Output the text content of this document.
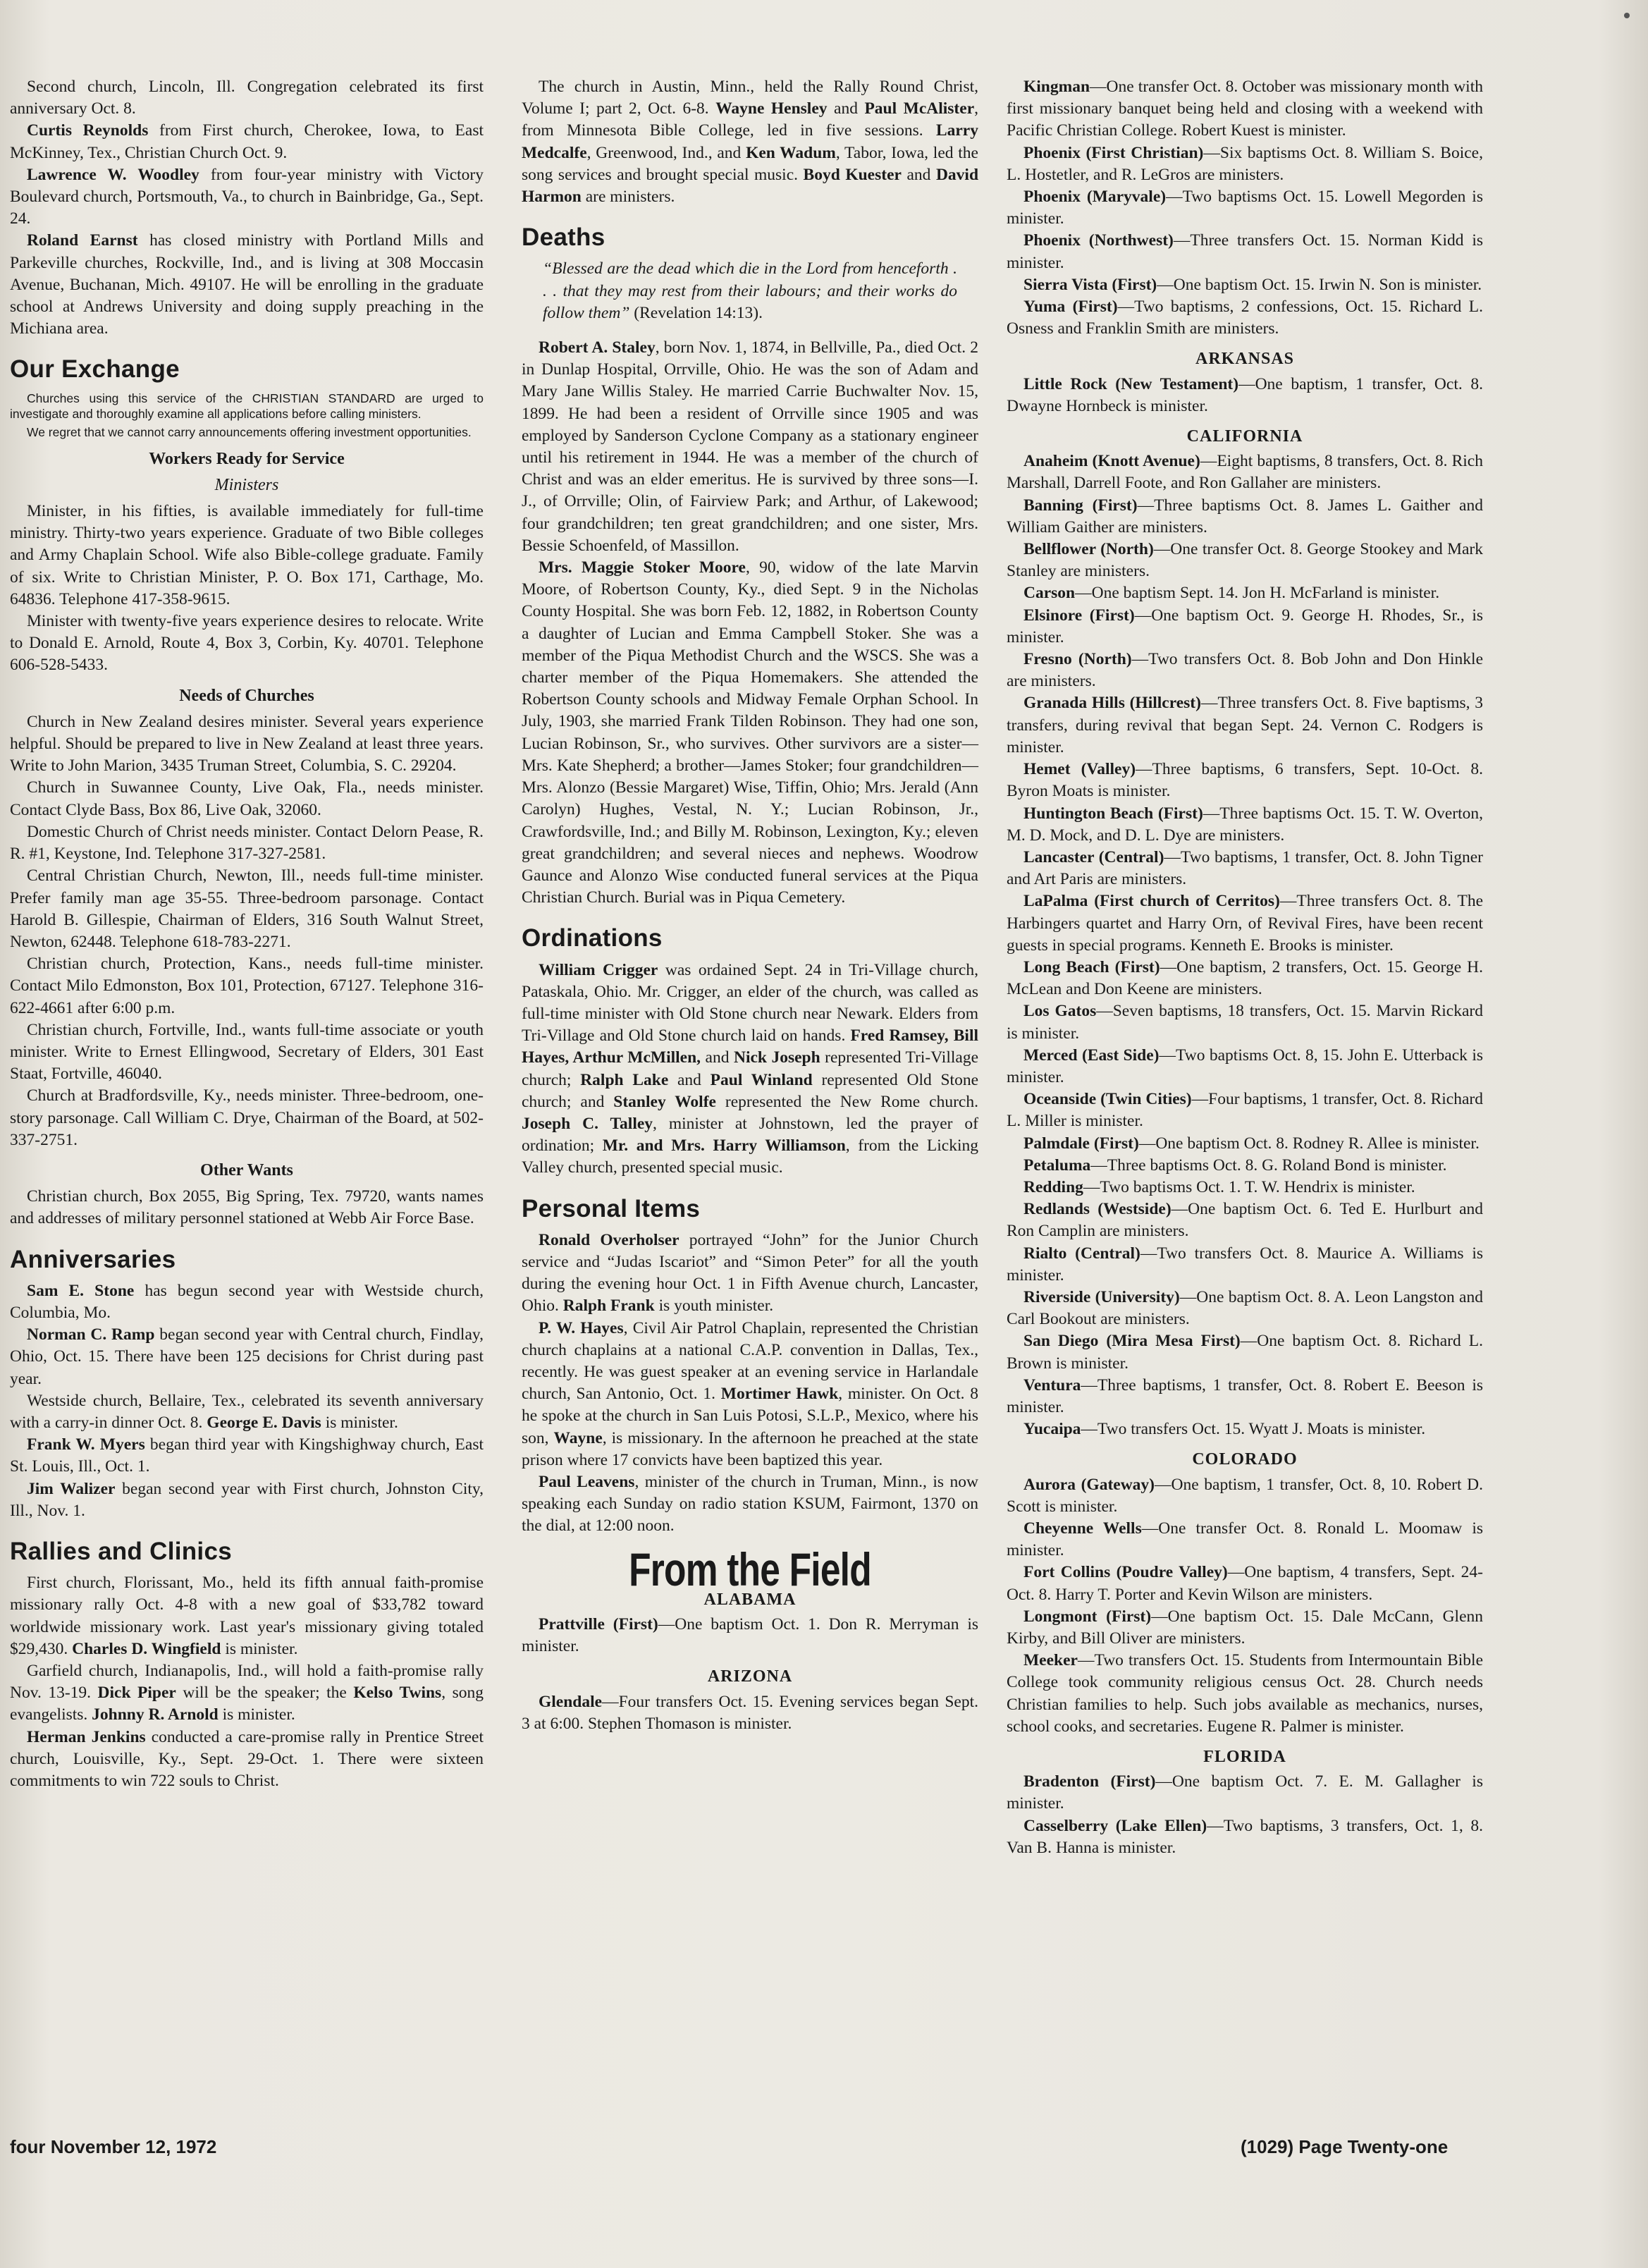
Second church, Lincoln, Ill. Congregation celebrated its first anniversary Oct. 8.

Curtis Reynolds from First church, Cherokee, Iowa, to East McKinney, Tex., Christian Church Oct. 9.

Lawrence W. Woodley from four-year ministry with Victory Boulevard church, Portsmouth, Va., to church in Bainbridge, Ga., Sept. 24.

Roland Earnst has closed ministry with Portland Mills and Parkeville churches, Rockville, Ind., and is living at 308 Moccasin Avenue, Buchanan, Mich. 49107. He will be enrolling in the graduate school at Andrews University and doing supply preaching in the Michiana area.

Our Exchange

Churches using this service of the CHRISTIAN STANDARD are urged to investigate and thoroughly examine all applications before calling ministers.

We regret that we cannot carry announcements offering investment opportunities.

Workers Ready for Service
Ministers

Minister, in his fifties, is available immediately for full-time ministry. Thirty-two years experience. Graduate of two Bible colleges and Army Chaplain School. Wife also Bible-college graduate. Family of six. Write to Christian Minister, P. O. Box 171, Carthage, Mo. 64836. Telephone 417-358-9615.

Minister with twenty-five years experience desires to relocate. Write to Donald E. Arnold, Route 4, Box 3, Corbin, Ky. 40701. Telephone 606-528-5433.

Needs of Churches

Church in New Zealand desires minister. Several years experience helpful. Should be prepared to live in New Zealand at least three years. Write to John Marion, 3435 Truman Street, Columbia, S. C. 29204.

Church in Suwannee County, Live Oak, Fla., needs minister. Contact Clyde Bass, Box 86, Live Oak, 32060.

Domestic Church of Christ needs minister. Contact Delorn Pease, R. R. #1, Keystone, Ind. Telephone 317-327-2581.

Central Christian Church, Newton, Ill., needs full-time minister. Prefer family man age 35-55. Three-bedroom parsonage. Contact Harold B. Gillespie, Chairman of Elders, 316 South Walnut Street, Newton, 62448. Telephone 618-783-2271.

Christian church, Protection, Kans., needs full-time minister. Contact Milo Edmonston, Box 101, Protection, 67127. Telephone 316-622-4661 after 6:00 p.m.

Christian church, Fortville, Ind., wants full-time associate or youth minister. Write to Ernest Ellingwood, Secretary of Elders, 301 East Staat, Fortville, 46040.

Church at Bradfordsville, Ky., needs minister. Three-bedroom, one-story parsonage. Call William C. Drye, Chairman of the Board, at 502-337-2751.

Other Wants

Christian church, Box 2055, Big Spring, Tex. 79720, wants names and addresses of military personnel stationed at Webb Air Force Base.

Anniversaries

Sam E. Stone has begun second year with Westside church, Columbia, Mo.

Norman C. Ramp began second year with Central church, Findlay, Ohio, Oct. 15. There have been 125 decisions for Christ during past year.

Westside church, Bellaire, Tex., celebrated its seventh anniversary with a carry-in dinner Oct. 8. George E. Davis is minister.

Frank W. Myers began third year with Kingshighway church, East St. Louis, Ill., Oct. 1.

Jim Walizer began second year with First church, Johnston City, Ill., Nov. 1.

Rallies and Clinics

First church, Florissant, Mo., held its fifth annual faith-promise missionary rally Oct. 4-8 with a new goal of $33,782 toward worldwide missionary work. Last year's missionary giving totaled $29,430. Charles D. Wingfield is minister.

Garfield church, Indianapolis, Ind., will hold a faith-promise rally Nov. 13-19. Dick Piper will be the speaker; the Kelso Twins, song evangelists. Johnny R. Arnold is minister.

Herman Jenkins conducted a care-promise rally in Prentice Street church, Louisville, Ky., Sept. 29-Oct. 1. There were sixteen commitments to win 722 souls to Christ.

The church in Austin, Minn., held the Rally Round Christ, Volume I; part 2, Oct. 6-8. Wayne Hensley and Paul McAlister, from Minnesota Bible College, led in five sessions. Larry Medcalfe, Greenwood, Ind., and Ken Wadum, Tabor, Iowa, led the song services and brought special music. Boyd Kuester and David Harmon are ministers.

Deaths

“Blessed are the dead which die in the Lord from henceforth . . . that they may rest from their labours; and their works do follow them” (Revelation 14:13).

Robert A. Staley, born Nov. 1, 1874, in Bellville, Pa., died Oct. 2 in Dunlap Hospital, Orrville, Ohio. He was the son of Adam and Mary Jane Willis Staley. He married Carrie Buchwalter Nov. 15, 1899. He had been a resident of Orrville since 1905 and was employed by Sanderson Cyclone Company as a stationary engineer until his retirement in 1944. He was a member of the church of Christ and was an elder emeritus. He is survived by three sons—I. J., of Orrville; Olin, of Fairview Park; and Arthur, of Lakewood; four grandchildren; ten great grandchildren; and one sister, Mrs. Bessie Schoenfeld, of Massillon.

Mrs. Maggie Stoker Moore, 90, widow of the late Marvin Moore, of Robertson County, Ky., died Sept. 9 in the Nicholas County Hospital. She was born Feb. 12, 1882, in Robertson County a daughter of Lucian and Emma Campbell Stoker. She was a member of the Piqua Methodist Church and the WSCS. She was a charter member of the Piqua Homemakers. She attended the Robertson County schools and Midway Female Orphan School. In July, 1903, she married Frank Tilden Robinson. They had one son, Lucian Robinson, Sr., who survives. Other survivors are a sister—Mrs. Kate Shepherd; a brother—James Stoker; four grandchildren—Mrs. Alonzo (Bessie Margaret) Wise, Tiffin, Ohio; Mrs. Jerald (Ann Carolyn) Hughes, Vestal, N. Y.; Lucian Robinson, Jr., Crawfordsville, Ind.; and Billy M. Robinson, Lexington, Ky.; eleven great grandchildren; and several nieces and nephews. Woodrow Gaunce and Alonzo Wise conducted funeral services at the Piqua Christian Church. Burial was in Piqua Cemetery.

Ordinations

William Crigger was ordained Sept. 24 in Tri-Village church, Pataskala, Ohio. Mr. Crigger, an elder of the church, was called as full-time minister with Old Stone church near Newark. Elders from Tri-Village and Old Stone church laid on hands. Fred Ramsey, Bill Hayes, Arthur McMillen, and Nick Joseph represented Tri-Village church; Ralph Lake and Paul Winland represented Old Stone church; and Stanley Wolfe represented the New Rome church. Joseph C. Talley, minister at Johnstown, led the prayer of ordination; Mr. and Mrs. Harry Williamson, from the Licking Valley church, presented special music.

Personal Items

Ronald Overholser portrayed “John” for the Junior Church service and “Judas Iscariot” and “Simon Peter” for all the youth during the evening hour Oct. 1 in Fifth Avenue church, Lancaster, Ohio. Ralph Frank is youth minister.

P. W. Hayes, Civil Air Patrol Chaplain, represented the Christian church chaplains at a national C.A.P. convention in Dallas, Tex., recently. He was guest speaker at an evening service in Harlandale church, San Antonio, Oct. 1. Mortimer Hawk, minister. On Oct. 8 he spoke at the church in San Luis Potosi, S.L.P., Mexico, where his son, Wayne, is missionary. In the afternoon he preached at the state prison where 17 convicts have been baptized this year.

Paul Leavens, minister of the church in Truman, Minn., is now speaking each Sunday on radio station KSUM, Fairmont, 1370 on the dial, at 12:00 noon.

From the Field
ALABAMA

Prattville (First)—One baptism Oct. 1. Don R. Merryman is minister.

ARIZONA

Glendale—Four transfers Oct. 15. Evening services began Sept. 3 at 6:00. Stephen Thomason is minister.

Kingman—One transfer Oct. 8. October was missionary month with first missionary banquet being held and closing with a weekend with Pacific Christian College. Robert Kuest is minister.

Phoenix (First Christian)—Six baptisms Oct. 8. William S. Boice, L. Hostetler, and R. LeGros are ministers.

Phoenix (Maryvale)—Two baptisms Oct. 15. Lowell Megorden is minister.

Phoenix (Northwest)—Three transfers Oct. 15. Norman Kidd is minister.

Sierra Vista (First)—One baptism Oct. 15. Irwin N. Son is minister.

Yuma (First)—Two baptisms, 2 confessions, Oct. 15. Richard L. Osness and Franklin Smith are ministers.

ARKANSAS

Little Rock (New Testament)—One baptism, 1 transfer, Oct. 8. Dwayne Hornbeck is minister.

CALIFORNIA

Anaheim (Knott Avenue)—Eight baptisms, 8 transfers, Oct. 8. Rich Marshall, Darrell Foote, and Ron Gallaher are ministers.

Banning (First)—Three baptisms Oct. 8. James L. Gaither and William Gaither are ministers.

Bellflower (North)—One transfer Oct. 8. George Stookey and Mark Stanley are ministers.

Carson—One baptism Sept. 14. Jon H. McFarland is minister.

Elsinore (First)—One baptism Oct. 9. George H. Rhodes, Sr., is minister.

Fresno (North)—Two transfers Oct. 8. Bob John and Don Hinkle are ministers.

Granada Hills (Hillcrest)—Three transfers Oct. 8. Five baptisms, 3 transfers, during revival that began Sept. 24. Vernon C. Rodgers is minister.

Hemet (Valley)—Three baptisms, 6 transfers, Sept. 10-Oct. 8. Byron Moats is minister.

Huntington Beach (First)—Three baptisms Oct. 15. T. W. Overton, M. D. Mock, and D. L. Dye are ministers.

Lancaster (Central)—Two baptisms, 1 transfer, Oct. 8. John Tigner and Art Paris are ministers.

LaPalma (First church of Cerritos)—Three transfers Oct. 8. The Harbingers quartet and Harry Orn, of Revival Fires, have been recent guests in special programs. Kenneth E. Brooks is minister.

Long Beach (First)—One baptism, 2 transfers, Oct. 15. George H. McLean and Don Keene are ministers.

Los Gatos—Seven baptisms, 18 transfers, Oct. 15. Marvin Rickard is minister.

Merced (East Side)—Two baptisms Oct. 8, 15. John E. Utterback is minister.

Oceanside (Twin Cities)—Four baptisms, 1 transfer, Oct. 8. Richard L. Miller is minister.

Palmdale (First)—One baptism Oct. 8. Rodney R. Allee is minister.

Petaluma—Three baptisms Oct. 8. G. Roland Bond is minister.

Redding—Two baptisms Oct. 1. T. W. Hendrix is minister.

Redlands (Westside)—One baptism Oct. 6. Ted E. Hurlburt and Ron Camplin are ministers.

Rialto (Central)—Two transfers Oct. 8. Maurice A. Williams is minister.

Riverside (University)—One baptism Oct. 8. A. Leon Langston and Carl Bookout are ministers.

San Diego (Mira Mesa First)—One baptism Oct. 8. Richard L. Brown is minister.

Ventura—Three baptisms, 1 transfer, Oct. 8. Robert E. Beeson is minister.

Yucaipa—Two transfers Oct. 15. Wyatt J. Moats is minister.

COLORADO

Aurora (Gateway)—One baptism, 1 transfer, Oct. 8, 10. Robert D. Scott is minister.

Cheyenne Wells—One transfer Oct. 8. Ronald L. Moomaw is minister.

Fort Collins (Poudre Valley)—One baptism, 4 transfers, Sept. 24-Oct. 8. Harry T. Porter and Kevin Wilson are ministers.

Longmont (First)—One baptism Oct. 15. Dale McCann, Glenn Kirby, and Bill Oliver are ministers.

Meeker—Two transfers Oct. 15. Students from Intermountain Bible College took community religious census Oct. 28. Church needs Christian families to help. Such jobs available as mechanics, nurses, school cooks, and secretaries. Eugene R. Palmer is minister.

FLORIDA

Bradenton (First)—One baptism Oct. 7. E. M. Gallagher is minister.

Casselberry (Lake Ellen)—Two baptisms, 3 transfers, Oct. 1, 8. Van B. Hanna is minister.

four November 12, 1972	(1029) Page Twenty-one
